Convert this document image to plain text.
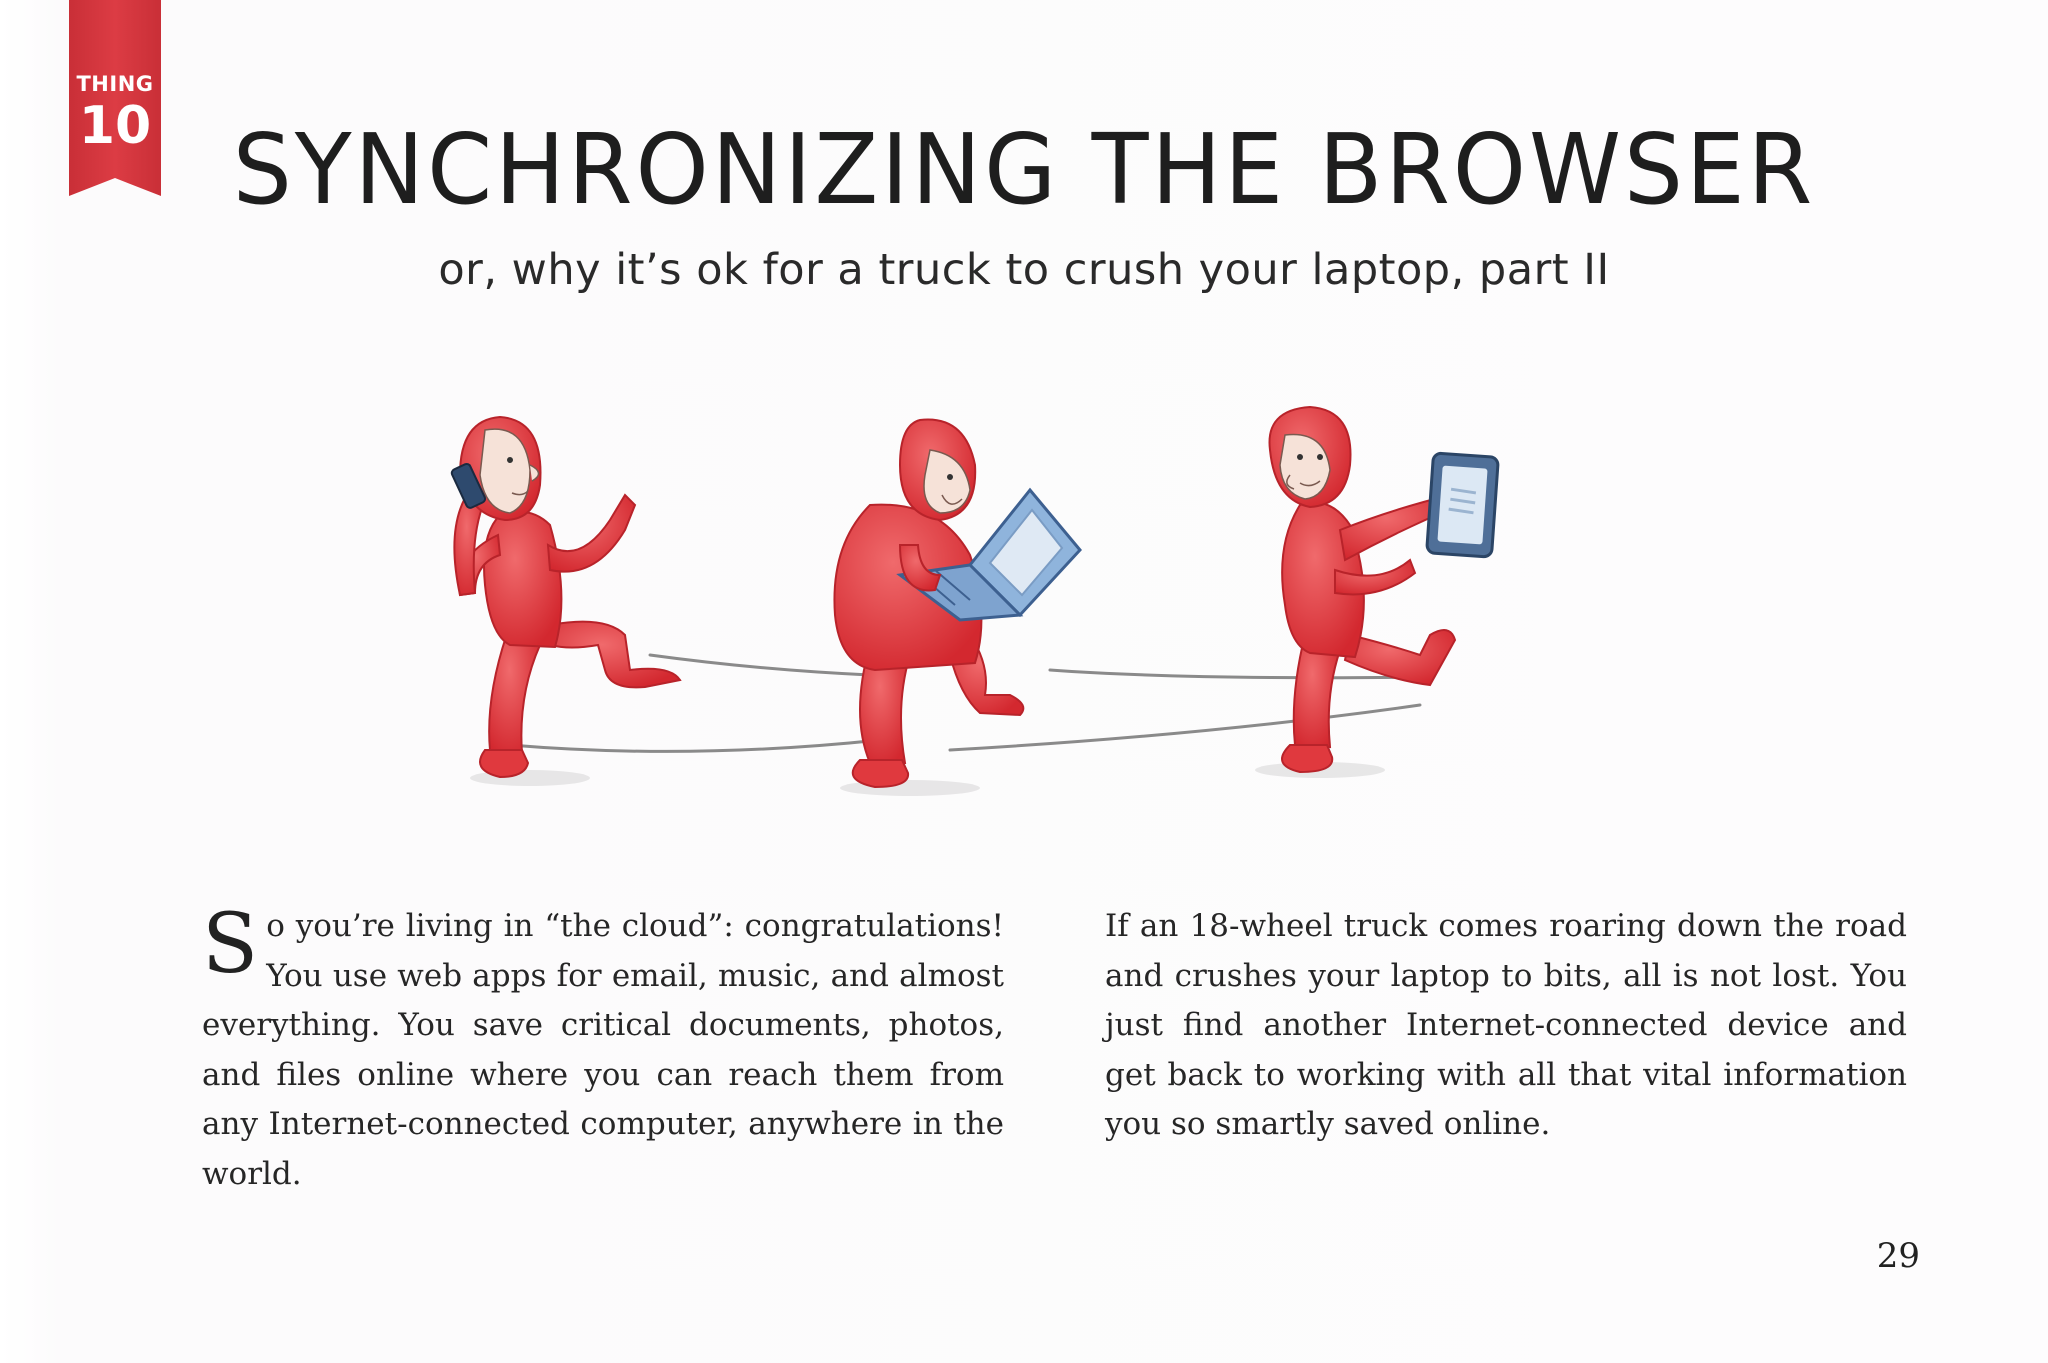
THING
10 SYNCHRONIZING THE BROWSER
or, why it’s ok for a truck to crush your laptop, part II
So you’re living in “the cloud”: congratulations! You use web apps for email, music, and almost everything. You save critical documents, photos, and files online where you can reach them from any Internet-connected computer, anywhere in the world.
If an 18-wheel truck comes roaring down the road and crushes your laptop to bits, all is not lost. You just find another Internet-connected device and get back to working with all that vital information you so smartly saved online.
29
